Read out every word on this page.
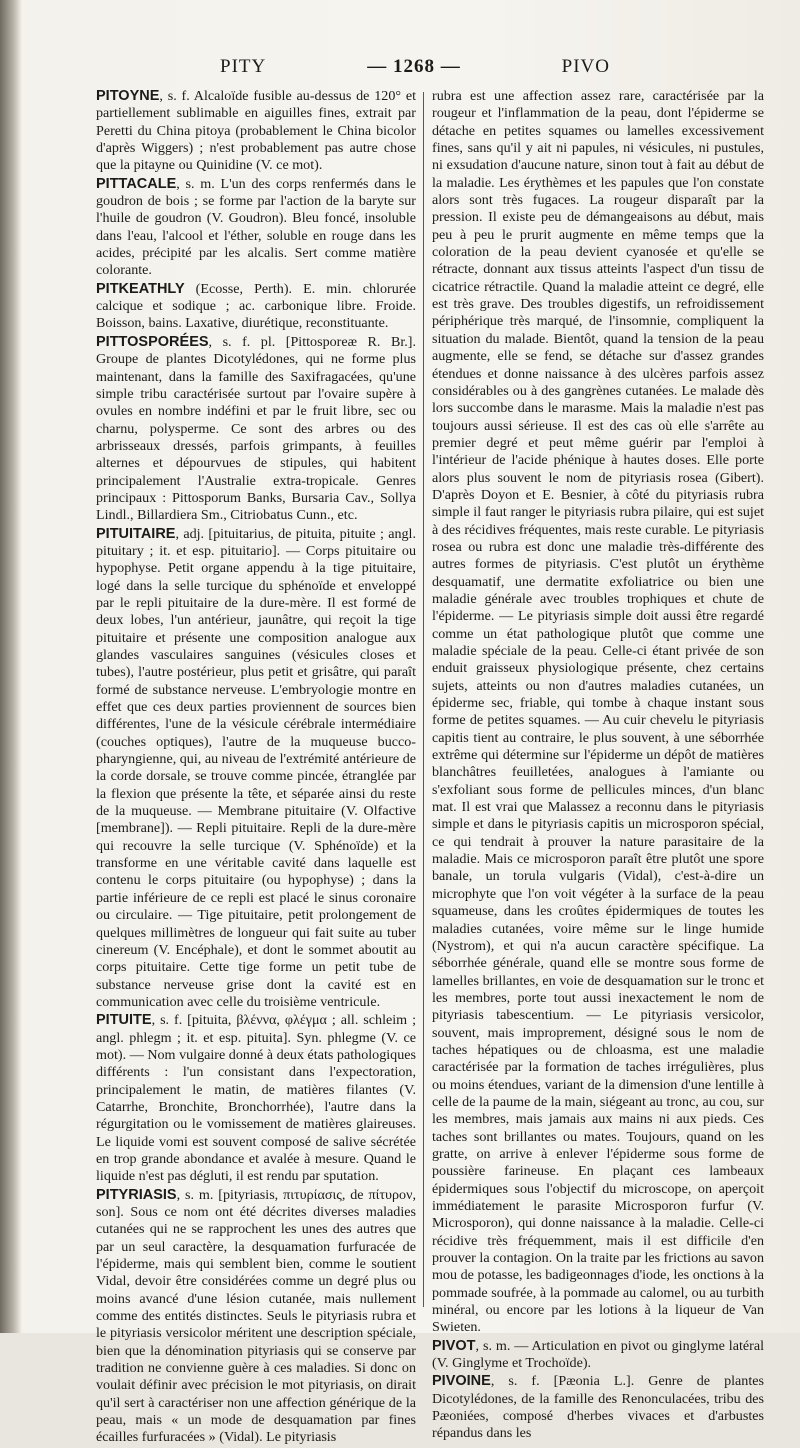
PITY	— 1268 —	PIVO

PITOYNE, s. f. Alcaloïde fusible au-dessus de 120° et partiellement sublimable en aiguilles fines, extrait par Peretti du China pitoya (probablement le China bicolor d'après Wiggers) ; n'est probablement pas autre chose que la pitayne ou Quinidine (V. ce mot).

PITTACALE, s. m. L'un des corps renfermés dans le goudron de bois ; se forme par l'action de la baryte sur l'huile de goudron (V. Goudron). Bleu foncé, insoluble dans l'eau, l'alcool et l'éther, soluble en rouge dans les acides, précipité par les alcalis. Sert comme matière colorante.

PITKEATHLY (Ecosse, Perth). E. min. chlorurée calcique et sodique ; ac. carbonique libre. Froide. Boisson, bains. Laxative, diurétique, reconstituante.

PITTOSPORÉES, s. f. pl. [Pittosporeæ R. Br.]. Groupe de plantes Dicotylédones, qui ne forme plus maintenant, dans la famille des Saxifragacées, qu'une simple tribu caractérisée surtout par l'ovaire supère à ovules en nombre indéfini et par le fruit libre, sec ou charnu, polysperme. Ce sont des arbres ou des arbrisseaux dressés, parfois grimpants, à feuilles alternes et dépourvues de stipules, qui habitent principalement l'Australie extra-tropicale. Genres principaux : Pittosporum Banks, Bursaria Cav., Sollya Lindl., Billardiera Sm., Citriobatus Cunn., etc.

PITUITAIRE, adj. [pituitarius, de pituita, pituite ; angl. pituitary ; it. et esp. pituitario]. — Corps pituitaire ou hypophyse. Petit organe appendu à la tige pituitaire, logé dans la selle turcique du sphénoïde et enveloppé par le repli pituitaire de la dure-mère. Il est formé de deux lobes, l'un antérieur, jaunâtre, qui reçoit la tige pituitaire et présente une composition analogue aux glandes vasculaires sanguines (vésicules closes et tubes), l'autre postérieur, plus petit et grisâtre, qui paraît formé de substance nerveuse. L'embryologie montre en effet que ces deux parties proviennent de sources bien différentes, l'une de la vésicule cérébrale intermédiaire (couches optiques), l'autre de la muqueuse bucco-pharyngienne, qui, au niveau de l'extrémité antérieure de la corde dorsale, se trouve comme pincée, étranglée par la flexion que présente la tête, et séparée ainsi du reste de la muqueuse. — Membrane pituitaire (V. Olfactive [membrane]). — Repli pituitaire. Repli de la dure-mère qui recouvre la selle turcique (V. Sphénoïde) et la transforme en une véritable cavité dans laquelle est contenu le corps pituitaire (ou hypophyse) ; dans la partie inférieure de ce repli est placé le sinus coronaire ou circulaire. — Tige pituitaire, petit prolongement de quelques millimètres de longueur qui fait suite au tuber cinereum (V. Encéphale), et dont le sommet aboutit au corps pituitaire. Cette tige forme un petit tube de substance nerveuse grise dont la cavité est en communication avec celle du troisième ventricule.

PITUITE, s. f. [pituita, βλέννα, φλέγμα ; all. schleim ; angl. phlegm ; it. et esp. pituita]. Syn. phlegme (V. ce mot). — Nom vulgaire donné à deux états pathologiques différents : l'un consistant dans l'expectoration, principalement le matin, de matières filantes (V. Catarrhe, Bronchite, Bronchorrhée), l'autre dans la régurgitation ou le vomissement de matières glaireuses. Le liquide vomi est souvent composé de salive sécrétée en trop grande abondance et avalée à mesure. Quand le liquide n'est pas dégluti, il est rendu par sputation.

PITYRIASIS, s. m. [pityriasis, πιτυρίασις, de πίτυρον, son]. Sous ce nom ont été décrites diverses maladies cutanées qui ne se rapprochent les unes des autres que par un seul caractère, la desquamation furfuracée de l'épiderme, mais qui semblent bien, comme le soutient Vidal, devoir être considérées comme un degré plus ou moins avancé d'une lésion cutanée, mais nullement comme des entités distinctes. Seuls le pityriasis rubra et le pityriasis versicolor méritent une description spéciale, bien que la dénomination pityriasis qui se conserve par tradition ne convienne guère à ces maladies. Si donc on voulait définir avec précision le mot pityriasis, on dirait qu'il sert à caractériser non une affection générique de la peau, mais « un mode de desquamation par fines écailles furfuracées » (Vidal). Le pityriasis

rubra est une affection assez rare, caractérisée par la rougeur et l'inflammation de la peau, dont l'épiderme se détache en petites squames ou lamelles excessivement fines, sans qu'il y ait ni papules, ni vésicules, ni pustules, ni exsudation d'aucune nature, sinon tout à fait au début de la maladie. Les érythèmes et les papules que l'on constate alors sont très fugaces. La rougeur disparaît par la pression. Il existe peu de démangeaisons au début, mais peu à peu le prurit augmente en même temps que la coloration de la peau devient cyanosée et qu'elle se rétracte, donnant aux tissus atteints l'aspect d'un tissu de cicatrice rétractile. Quand la maladie atteint ce degré, elle est très grave. Des troubles digestifs, un refroidissement périphérique très marqué, de l'insomnie, compliquent la situation du malade. Bientôt, quand la tension de la peau augmente, elle se fend, se détache sur d'assez grandes étendues et donne naissance à des ulcères parfois assez considérables ou à des gangrènes cutanées. Le malade dès lors succombe dans le marasme. Mais la maladie n'est pas toujours aussi sérieuse. Il est des cas où elle s'arrête au premier degré et peut même guérir par l'emploi à l'intérieur de l'acide phénique à hautes doses. Elle porte alors plus souvent le nom de pityriasis rosea (Gibert). D'après Doyon et E. Besnier, à côté du pityriasis rubra simple il faut ranger le pityriasis rubra pilaire, qui est sujet à des récidives fréquentes, mais reste curable. Le pityriasis rosea ou rubra est donc une maladie très-différente des autres formes de pityriasis. C'est plutôt un érythème desquamatif, une dermatite exfoliatrice ou bien une maladie générale avec troubles trophiques et chute de l'épiderme. — Le pityriasis simple doit aussi être regardé comme un état pathologique plutôt que comme une maladie spéciale de la peau. Celle-ci étant privée de son enduit graisseux physiologique présente, chez certains sujets, atteints ou non d'autres maladies cutanées, un épiderme sec, friable, qui tombe à chaque instant sous forme de petites squames. — Au cuir chevelu le pityriasis capitis tient au contraire, le plus souvent, à une séborrhée extrême qui détermine sur l'épiderme un dépôt de matières blanchâtres feuilletées, analogues à l'amiante ou s'exfoliant sous forme de pellicules minces, d'un blanc mat. Il est vrai que Malassez a reconnu dans le pityriasis simple et dans le pityriasis capitis un microsporon spécial, ce qui tendrait à prouver la nature parasitaire de la maladie. Mais ce microsporon paraît être plutôt une spore banale, un torula vulgaris (Vidal), c'est-à-dire un microphyte que l'on voit végéter à la surface de la peau squameuse, dans les croûtes épidermiques de toutes les maladies cutanées, voire même sur le linge humide (Nystrom), et qui n'a aucun caractère spécifique. La séborrhée générale, quand elle se montre sous forme de lamelles brillantes, en voie de desquamation sur le tronc et les membres, porte tout aussi inexactement le nom de pityriasis tabescentium. — Le pityriasis versicolor, souvent, mais improprement, désigné sous le nom de taches hépatiques ou de chloasma, est une maladie caractérisée par la formation de taches irrégulières, plus ou moins étendues, variant de la dimension d'une lentille à celle de la paume de la main, siégeant au tronc, au cou, sur les membres, mais jamais aux mains ni aux pieds. Ces taches sont brillantes ou mates. Toujours, quand on les gratte, on arrive à enlever l'épiderme sous forme de poussière farineuse. En plaçant ces lambeaux épidermiques sous l'objectif du microscope, on aperçoit immédiatement le parasite Microsporon furfur (V. Microsporon), qui donne naissance à la maladie. Celle-ci récidive très fréquemment, mais il est difficile d'en prouver la contagion. On la traite par les frictions au savon mou de potasse, les badigeonnages d'iode, les onctions à la pommade soufrée, à la pommade au calomel, ou au turbith minéral, ou encore par les lotions à la liqueur de Van Swieten.

PIVOT, s. m. — Articulation en pivot ou ginglyme latéral (V. Ginglyme et Trochoïde).

PIVOINE, s. f. [Pæonia L.]. Genre de plantes Dicotylédones, de la famille des Renonculacées, tribu des Pæoniées, composé d'herbes vivaces et d'arbustes répandus dans les
